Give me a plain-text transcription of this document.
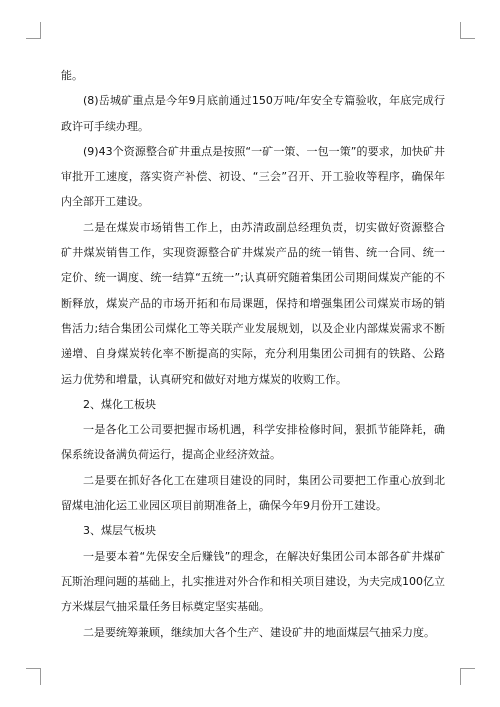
能。

(8)岳城矿重点是今年9月底前通过150万吨/年安全专篇验收，年底完成行政许可手续办理。

(9)43个资源整合矿井重点是按照“一矿一策、一包一策”的要求，加快矿井审批开工速度，落实资产补偿、初设、“三会”召开、开工验收等程序，确保年内全部开工建设。

二是在煤炭市场销售工作上，由苏清政副总经理负责，切实做好资源整合矿井煤炭销售工作，实现资源整合矿井煤炭产品的统一销售、统一合同、统一定价、统一调度、统一结算“五统一”;认真研究随着集团公司期间煤炭产能的不断释放，煤炭产品的市场开拓和布局课题，保持和增强集团公司煤炭市场的销售活力;结合集团公司煤化工等关联产业发展规划，以及企业内部煤炭需求不断递增、自身煤炭转化率不断提高的实际，充分利用集团公司拥有的铁路、公路运力优势和增量，认真研究和做好对地方煤炭的收购工作。

2、煤化工板块

一是各化工公司要把握市场机遇，科学安排检修时间，狠抓节能降耗，确保系统设备满负荷运行，提高企业经济效益。

二是要在抓好各化工在建项目建设的同时，集团公司要把工作重心放到北留煤电油化运工业园区项目前期准备上，确保今年9月份开工建设。

3、煤层气板块

一是要本着“先保安全后赚钱”的理念，在解决好集团公司本部各矿井煤矿瓦斯治理问题的基础上，扎实推进对外合作和相关项目建设，为夫完成100亿立方米煤层气抽采量任务目标奠定坚实基础。

二是要统筹兼顾，继续加大各个生产、建设矿井的地面煤层气抽采力度。
